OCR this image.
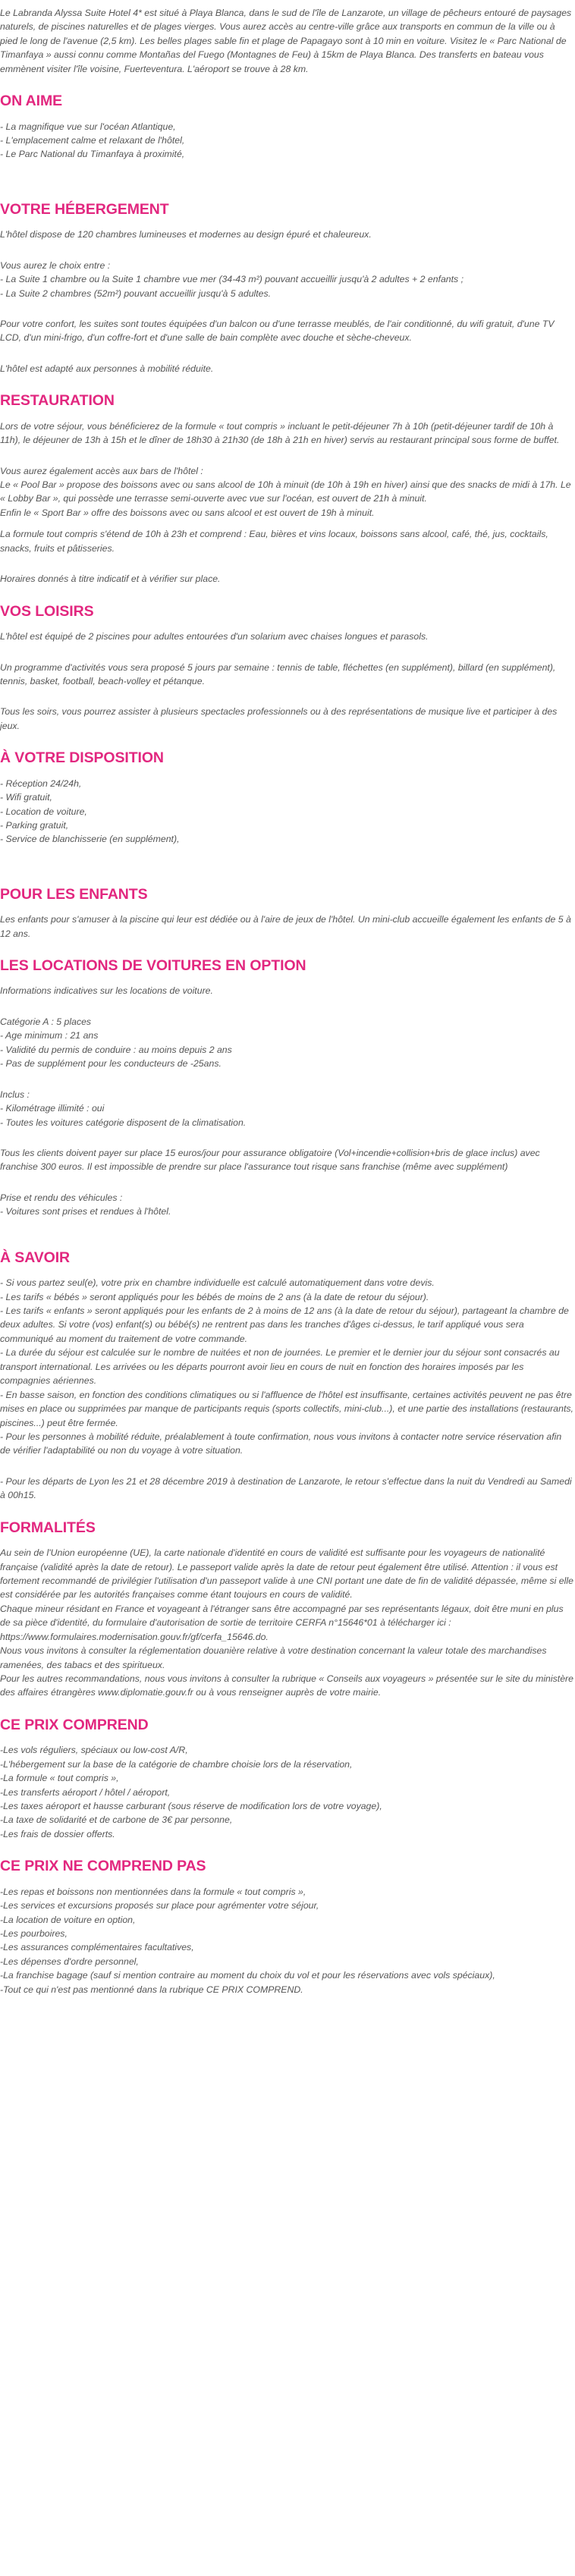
Le Labranda Alyssa Suite Hotel 4* est situé à Playa Blanca, dans le sud de l'île de Lanzarote, un village de pêcheurs entouré de paysages naturels, de piscines naturelles et de plages vierges. Vous aurez accès au centre-ville grâce aux transports en commun de la ville ou à pied le long de l'avenue (2,5 km). Les belles plages sable fin et plage de Papagayo sont à 10 min en voiture. Visitez le « Parc National de Timanfaya » aussi connu comme Montañas del Fuego (Montagnes de Feu) à 15km de Playa Blanca. Des transferts en bateau vous emmènent visiter l'île voisine, Fuerteventura. L'aéroport se trouve à 28 km.

ON AIME
- La magnifique vue sur l'océan Atlantique,
- L'emplacement calme et relaxant de l'hôtel,
- Le Parc National du Timanfaya à proximité,
VOTRE HÉBERGEMENT

L'hôtel dispose de 120 chambres lumineuses et modernes au design épuré et chaleureux.

Vous aurez le choix entre :
- La Suite 1 chambre ou la Suite 1 chambre vue mer (34-43 m²) pouvant accueillir jusqu'à 2 adultes + 2 enfants ;
- La Suite 2 chambres (52m²) pouvant accueillir jusqu'à 5 adultes.

Pour votre confort, les suites sont toutes équipées d'un balcon ou d'une terrasse meublés, de l'air conditionné, du wifi gratuit, d'une TV LCD, d'un mini-frigo, d'un coffre-fort et d'une salle de bain complète avec douche et sèche-cheveux.

L'hôtel est adapté aux personnes à mobilité réduite.

RESTAURATION

Lors de votre séjour, vous bénéficierez de la formule « tout compris » incluant le petit-déjeuner 7h à 10h (petit-déjeuner tardif de 10h à 11h), le déjeuner de 13h à 15h et le dîner de 18h30 à 21h30 (de 18h à 21h en hiver) servis au restaurant principal sous forme de buffet.

Vous aurez également accès aux bars de l'hôtel :
Le « Pool Bar » propose des boissons avec ou sans alcool de 10h à minuit (de 10h à 19h en hiver) ainsi que des snacks de midi à 17h. Le « Lobby Bar », qui possède une terrasse semi-ouverte avec vue sur l'océan, est ouvert de 21h à minuit.
Enfin le « Sport Bar » offre des boissons avec ou sans alcool et est ouvert de 19h à minuit.

La formule tout compris s'étend de 10h à 23h et comprend : Eau, bières et vins locaux, boissons sans alcool, café, thé, jus, cocktails, snacks, fruits et pâtisseries.

Horaires donnés à titre indicatif et à vérifier sur place.

VOS LOISIRS

L'hôtel est équipé de 2 piscines pour adultes entourées d'un solarium avec chaises longues et parasols.

Un programme d'activités vous sera proposé 5 jours par semaine : tennis de table, fléchettes (en supplément), billard (en supplément), tennis, basket, football, beach-volley et pétanque.

Tous les soirs, vous pourrez assister à plusieurs spectacles professionnels ou à des représentations de musique live et participer à des jeux.

À VOTRE DISPOSITION
- Réception 24/24h,
- Wifi gratuit,
- Location de voiture,
- Parking gratuit,
- Service de blanchisserie (en supplément),
POUR LES ENFANTS

Les enfants pour s'amuser à la piscine qui leur est dédiée ou à l'aire de jeux de l'hôtel. Un mini-club accueille également les enfants de 5 à 12 ans.

LES LOCATIONS DE VOITURES EN OPTION

Informations indicatives sur les locations de voiture.

Catégorie A : 5 places
- Age minimum : 21 ans
- Validité du permis de conduire : au moins depuis 2 ans
- Pas de supplément pour les conducteurs de -25ans.
Inclus :
- Kilométrage illimité : oui
- Toutes les voitures catégorie disposent de la climatisation.

Tous les clients doivent payer sur place 15 euros/jour pour assurance obligatoire (Vol+incendie+collision+bris de glace inclus) avec franchise 300 euros. Il est impossible de prendre sur place l'assurance tout risque sans franchise (même avec supplément)

Prise et rendu des véhicules :
- Voitures sont prises et rendues à l'hôtel.
À SAVOIR
- Si vous partez seul(e), votre prix en chambre individuelle est calculé automatiquement dans votre devis.
- Les tarifs « bébés » seront appliqués pour les bébés de moins de 2 ans (à la date de retour du séjour).
- Les tarifs « enfants » seront appliqués pour les enfants de 2 à moins de 12 ans (à la date de retour du séjour), partageant la chambre de deux adultes. Si votre (vos) enfant(s) ou bébé(s) ne rentrent pas dans les tranches d'âges ci-dessus, le tarif appliqué vous sera communiqué au moment du traitement de votre commande.
- La durée du séjour est calculée sur le nombre de nuitées et non de journées. Le premier et le dernier jour du séjour sont consacrés au transport international. Les arrivées ou les départs pourront avoir lieu en cours de nuit en fonction des horaires imposés par les compagnies aériennes.
- En basse saison, en fonction des conditions climatiques ou si l'affluence de l'hôtel est insuffisante, certaines activités peuvent ne pas être mises en place ou supprimées par manque de participants requis (sports collectifs, mini-club...), et une partie des installations (restaurants, piscines...) peut être fermée.
- Pour les personnes à mobilité réduite, préalablement à toute confirmation, nous vous invitons à contacter notre service réservation afin de vérifier l'adaptabilité ou non du voyage à votre situation.

- Pour les départs de Lyon les 21 et 28 décembre 2019 à destination de Lanzarote, le retour s'effectue dans la nuit du Vendredi au Samedi à 00h15.

FORMALITÉS
Au sein de l'Union européenne (UE), la carte nationale d'identité en cours de validité est suffisante pour les voyageurs de nationalité française (validité après la date de retour). Le passeport valide après la date de retour peut également être utilisé. Attention : il vous est fortement recommandé de privilégier l'utilisation d'un passeport valide à une CNI portant une date de fin de validité dépassée, même si elle est considérée par les autorités françaises comme étant toujours en cours de validité.
Chaque mineur résidant en France et voyageant à l'étranger sans être accompagné par ses représentants légaux, doit être muni en plus de sa pièce d'identité, du formulaire d'autorisation de sortie de territoire CERFA n°15646*01 à télécharger ici : https://www.formulaires.modernisation.gouv.fr/gf/cerfa_15646.do.
Nous vous invitons à consulter la réglementation douanière relative à votre destination concernant la valeur totale des marchandises ramenées, des tabacs et des spiritueux.
Pour les autres recommandations, nous vous invitons à consulter la rubrique « Conseils aux voyageurs » présentée sur le site du ministère des affaires étrangères www.diplomatie.gouv.fr ou à vous renseigner auprès de votre mairie.
CE PRIX COMPREND
-Les vols réguliers, spéciaux ou low-cost A/R,
-L'hébergement sur la base de la catégorie de chambre choisie lors de la réservation,
-La formule « tout compris »,
-Les transferts aéroport / hôtel / aéroport,
-Les taxes aéroport et hausse carburant (sous réserve de modification lors de votre voyage),
-La taxe de solidarité et de carbone de 3€ par personne,
-Les frais de dossier offerts.
CE PRIX NE COMPREND PAS
-Les repas et boissons non mentionnées dans la formule « tout compris »,
-Les services et excursions proposés sur place pour agrémenter votre séjour,
-La location de voiture en option,
-Les pourboires,
-Les assurances complémentaires facultatives,
-Les dépenses d'ordre personnel,
-La franchise bagage (sauf si mention contraire au moment du choix du vol et pour les réservations avec vols spéciaux),
-Tout ce qui n'est pas mentionné dans la rubrique CE PRIX COMPREND.
